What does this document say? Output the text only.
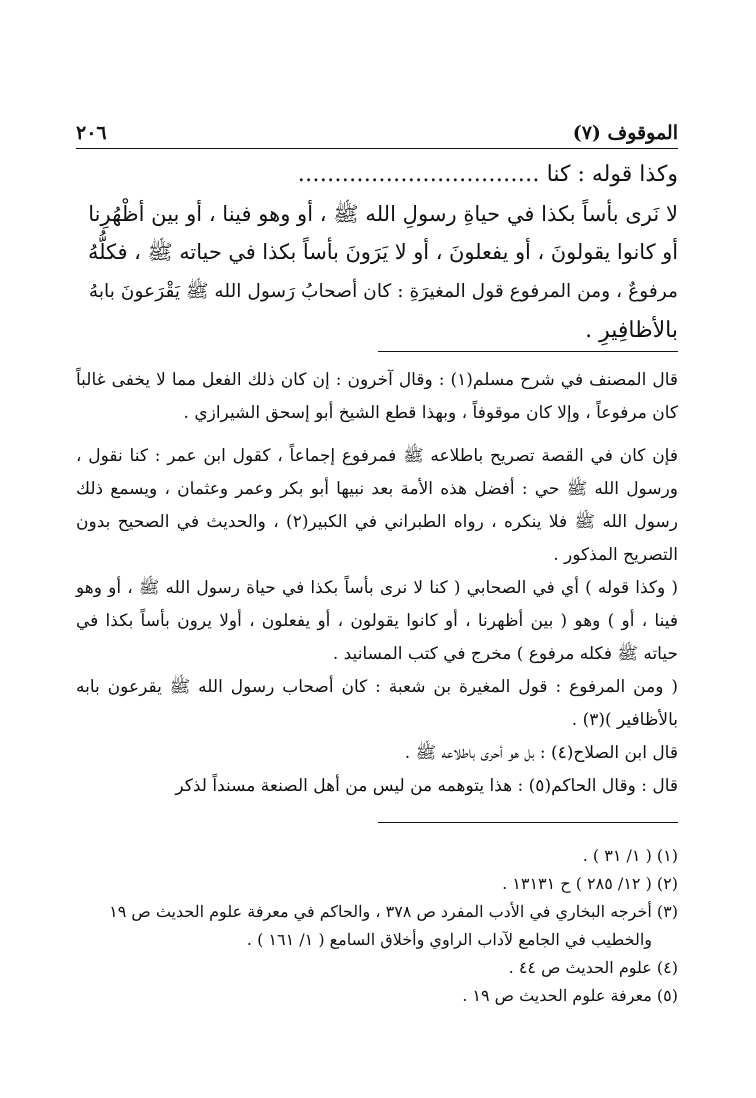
٢٠٦	(٧) الموقوف
وكذا قوله : كنا ……………………………
لا نَرى بأساً بكذا في حياةِ رسولِ الله ﷺ ، أو وهو فينا ، أو بين أظْهُرِنا
أو كانوا يقولونَ ، أو يفعلونَ ، أو لا يَرَونَ بأساً بكذا في حياته ﷺ ، فكلُّهُ
مرفوعٌ ، ومن المرفوع قول المغيرَةِ : كان أصحابُ رَسول الله ﷺ يَقْرَعونَ بابهُ
بالأظافِيرِ .

قال المصنف في شرح مسلم(١) : وقال آخرون : إن كان ذلك الفعل مما لا يخفى غالباً كان مرفوعاً ، وإلا كان موقوفاً ، وبهذا قطع الشيخ أبو إسحق الشيرازي .

فإن كان في القصة تصريح باطلاعه ﷺ فمرفوع إجماعاً ، كقول ابن عمر : كنا نقول ، ورسول الله ﷺ حي : أفضل هذه الأمة بعد نبيها أبو بكر وعمر وعثمان ، ويسمع ذلك رسول الله ﷺ فلا ينكره ، رواه الطبراني في الكبير(٢) ، والحديث في الصحيح بدون التصريح المذكور .

( وكذا قوله ) أي في الصحابي ( كنا لا نرى بأساً بكذا في حياة رسول الله ﷺ ، أو وهو فينا ، أو ) وهو ( بين أظهرنا ، أو كانوا يقولون ، أو يفعلون ، أولا يرون بأساً بكذا في حياته ﷺ فكله مرفوع ) مخرج في كتب المسانيد .

( ومن المرفوع : قول المغيرة بن شعبة : كان أصحاب رسول الله ﷺ يقرعون بابه بالأظافير )(٣) .

قال ابن الصلاح(٤) : بل هو أحرى باطلاعه ﷺ .

قال : وقال الحاكم(٥) : هذا يتوهمه من ليس من أهل الصنعة مسنداً لذكر

(١) ( ١/ ٣١ ) .

(٢) ( ١٢/ ٢٨٥ ) ح ١٣١٣١ .

(٣) أخرجه البخاري في الأدب المفرد ص ٣٧٨ ، والحاكم في معرفة علوم الحديث ص ١٩

والخطيب في الجامع لآداب الراوي وأخلاق السامع ( ١/ ١٦١ ) .

(٤) علوم الحديث ص ٤٤ .

(٥) معرفة علوم الحديث ص ١٩ .
